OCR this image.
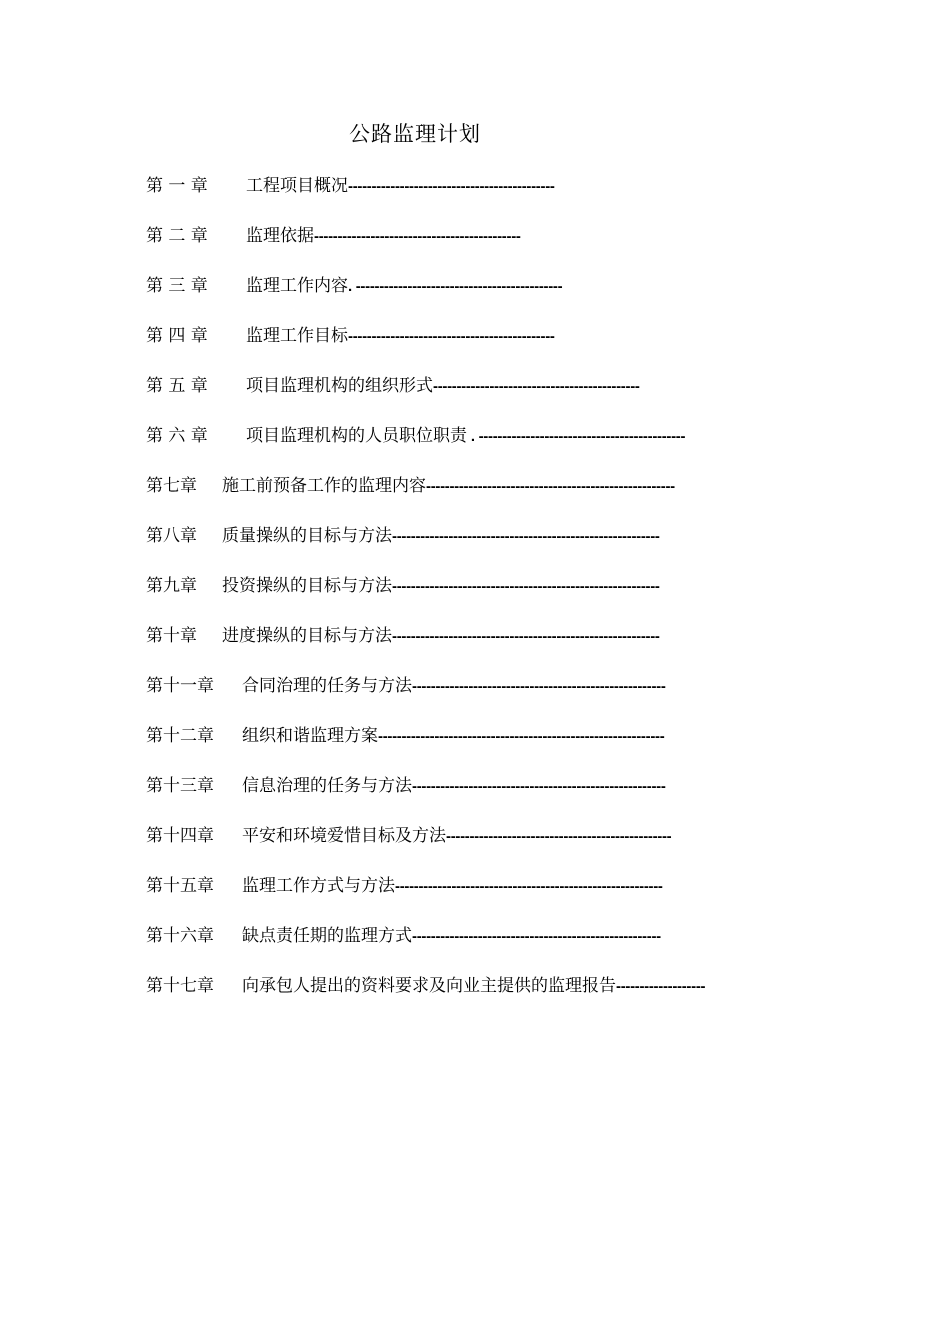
公路监理计划
第 一 章 工程项目概况--------------------------------------------
第 二 章 监理依据--------------------------------------------
第 三 章 监理工作内容. --------------------------------------------
第 四 章 监理工作目标--------------------------------------------
第 五 章 项目监理机构的组织形式--------------------------------------------
第 六 章 项目监理机构的人员职位职责 . --------------------------------------------
第七章 施工前预备工作的监理内容-----------------------------------------------------
第八章 质量操纵的目标与方法---------------------------------------------------------
第九章 投资操纵的目标与方法---------------------------------------------------------
第十章 进度操纵的目标与方法---------------------------------------------------------
第十一章 合同治理的任务与方法------------------------------------------------------
第十二章 组织和谐监理方案-------------------------------------------------------------
第十三章 信息治理的任务与方法------------------------------------------------------
第十四章 平安和环境爱惜目标及方法------------------------------------------------
第十五章 监理工作方式与方法---------------------------------------------------------
第十六章 缺点责任期的监理方式-----------------------------------------------------
第十七章 向承包人提出的资料要求及向业主提供的监理报告-------------------
